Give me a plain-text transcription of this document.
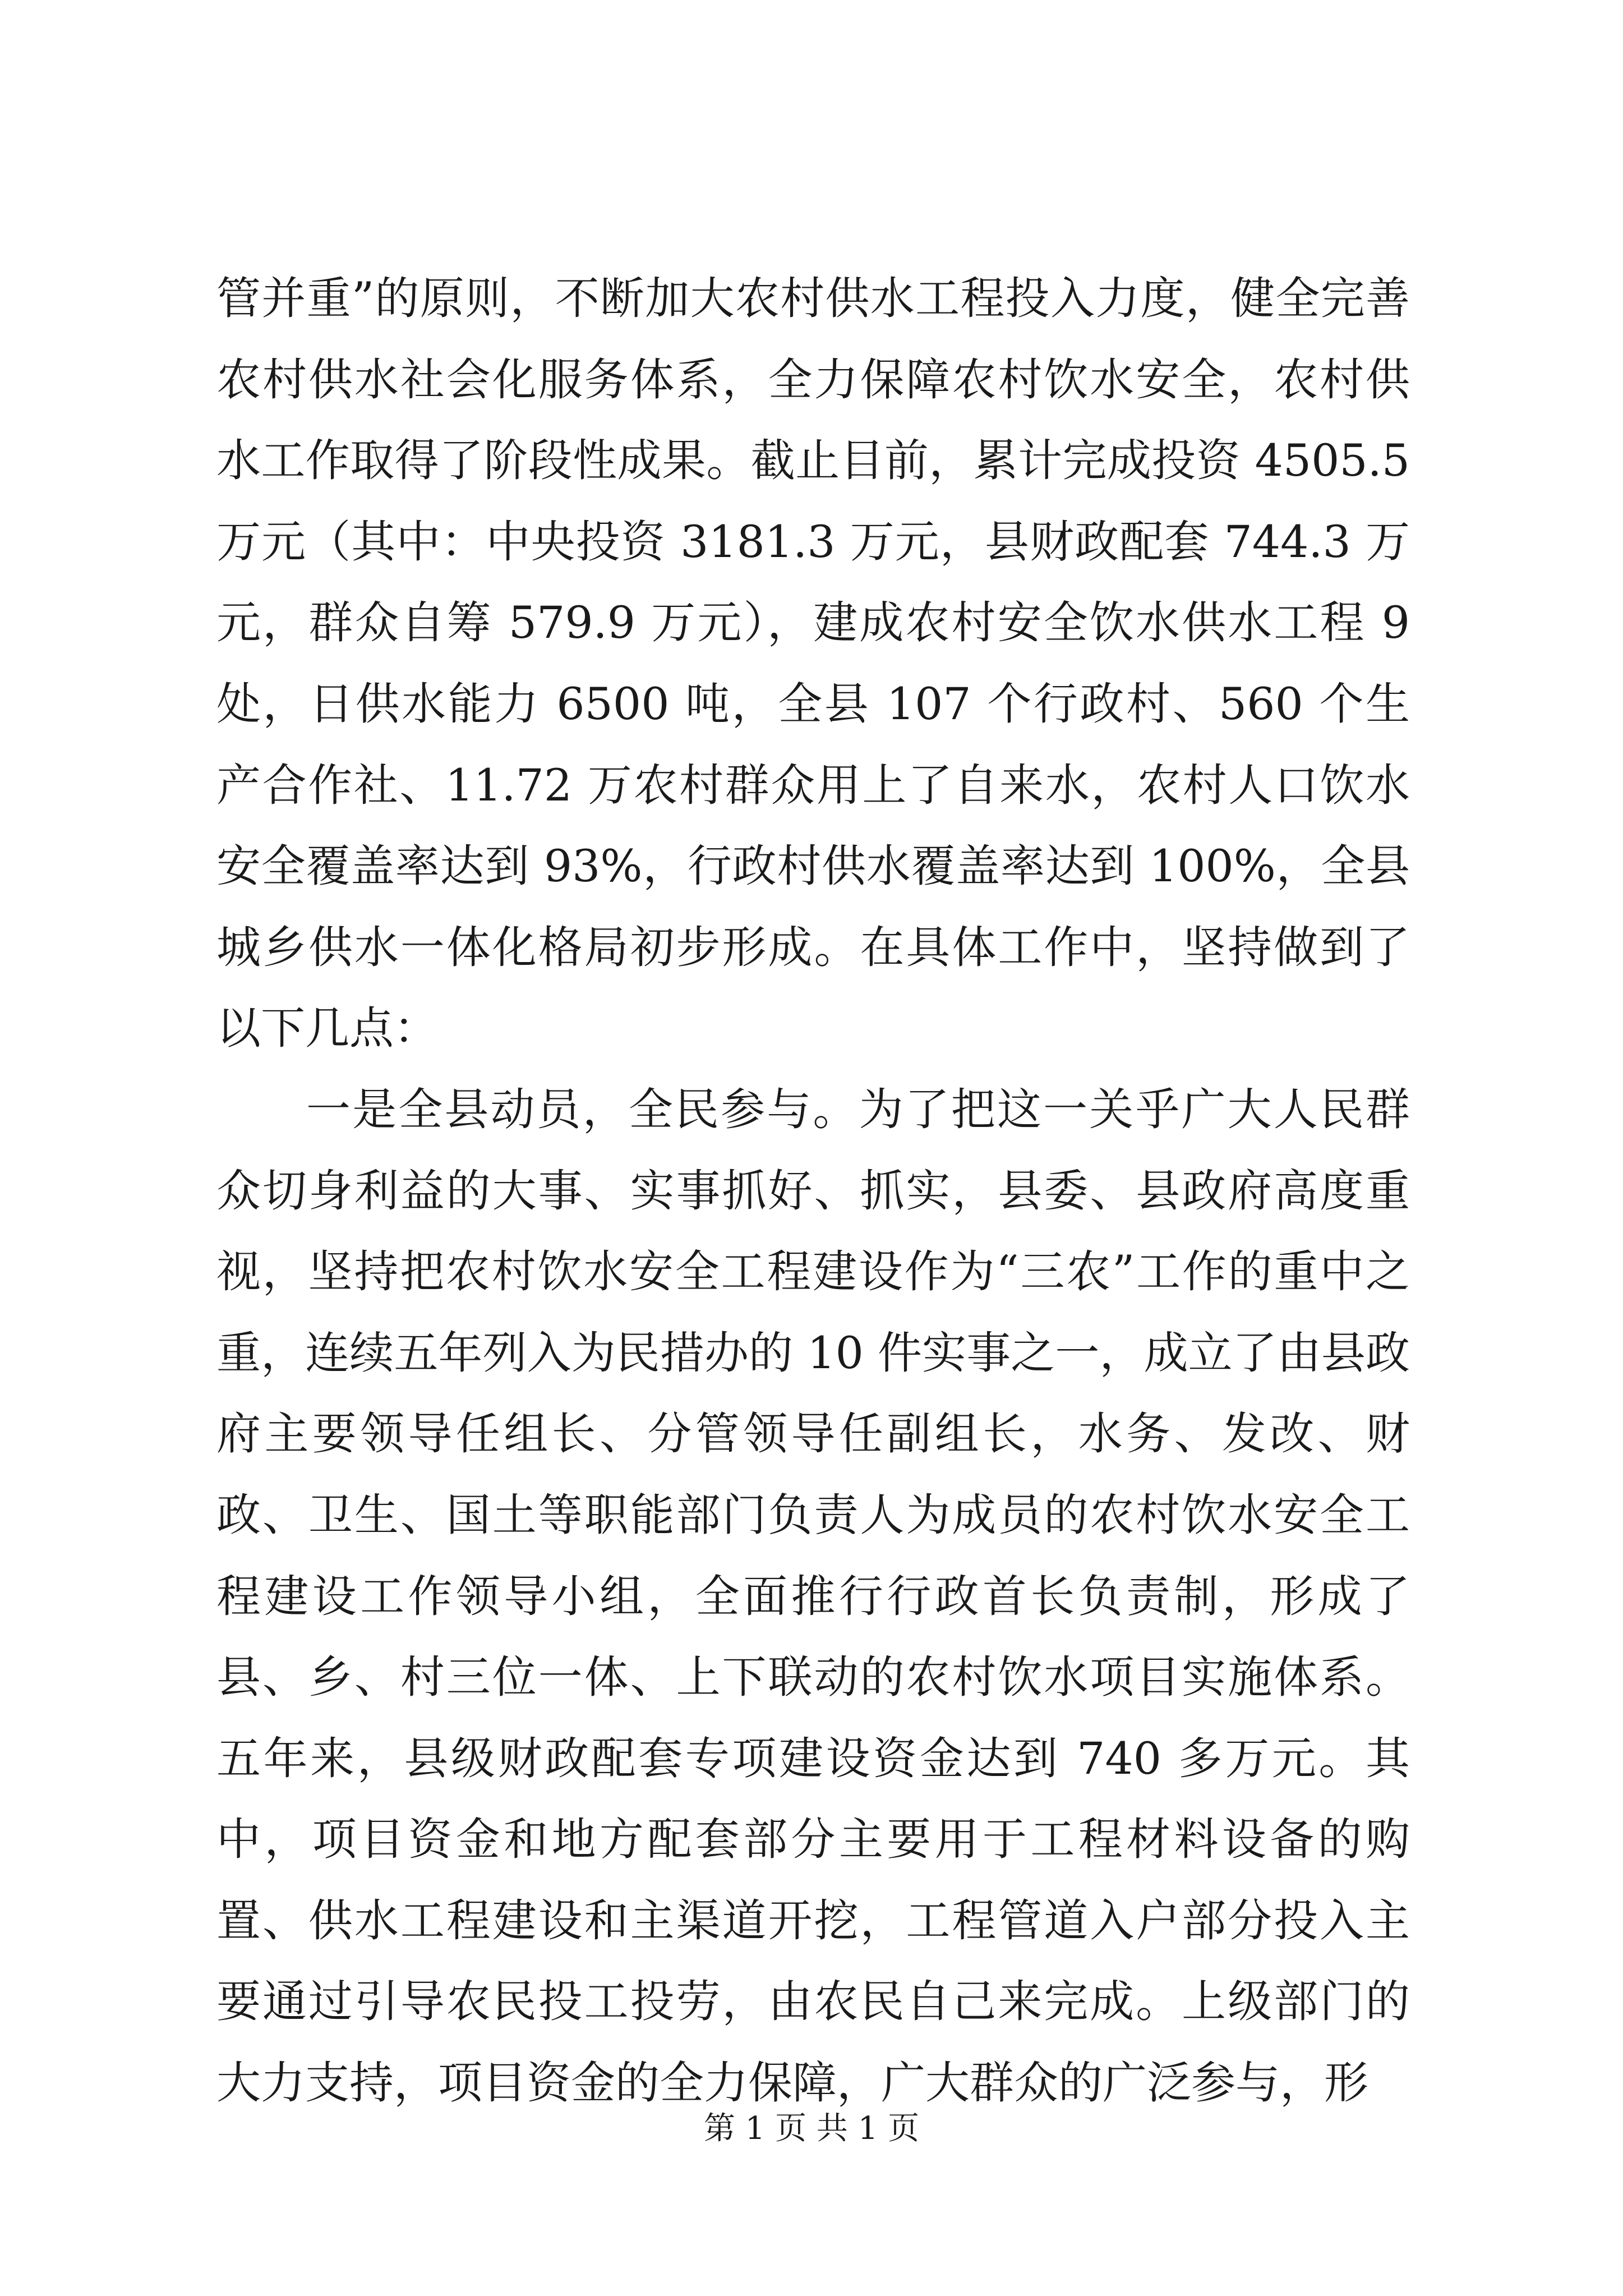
管并重”的原则，不断加大农村供水工程投入力度，健全完善农村供水社会化服务体系，全力保障农村饮水安全，农村供水工作取得了阶段性成果。截止目前，累计完成投资 4505.5 万元（其中：中央投资 3181.3 万元，县财政配套 744.3 万元，群众自筹 579.9 万元），建成农村安全饮水供水工程 9 处，日供水能力 6500 吨，全县 107 个行政村、560 个生产合作社、11.72 万农村群众用上了自来水，农村人口饮水安全覆盖率达到 93%，行政村供水覆盖率达到 100%，全县城乡供水一体化格局初步形成。在具体工作中，坚持做到了以下几点：

一是全县动员，全民参与。为了把这一关乎广大人民群众切身利益的大事、实事抓好、抓实，县委、县政府高度重视，坚持把农村饮水安全工程建设作为“三农”工作的重中之重，连续五年列入为民措办的 10 件实事之一，成立了由县政府主要领导任组长、分管领导任副组长，水务、发改、财政、卫生、国土等职能部门负责人为成员的农村饮水安全工程建设工作领导小组，全面推行行政首长负责制，形成了县、乡、村三位一体、上下联动的农村饮水项目实施体系。五年来，县级财政配套专项建设资金达到 740 多万元。其中，项目资金和地方配套部分主要用于工程材料设备的购置、供水工程建设和主渠道开挖，工程管道入户部分投入主要通过引导农民投工投劳，由农民自己来完成。上级部门的大力支持，项目资金的全力保障，广大群众的广泛参与，形

第 1 页 共 1 页
